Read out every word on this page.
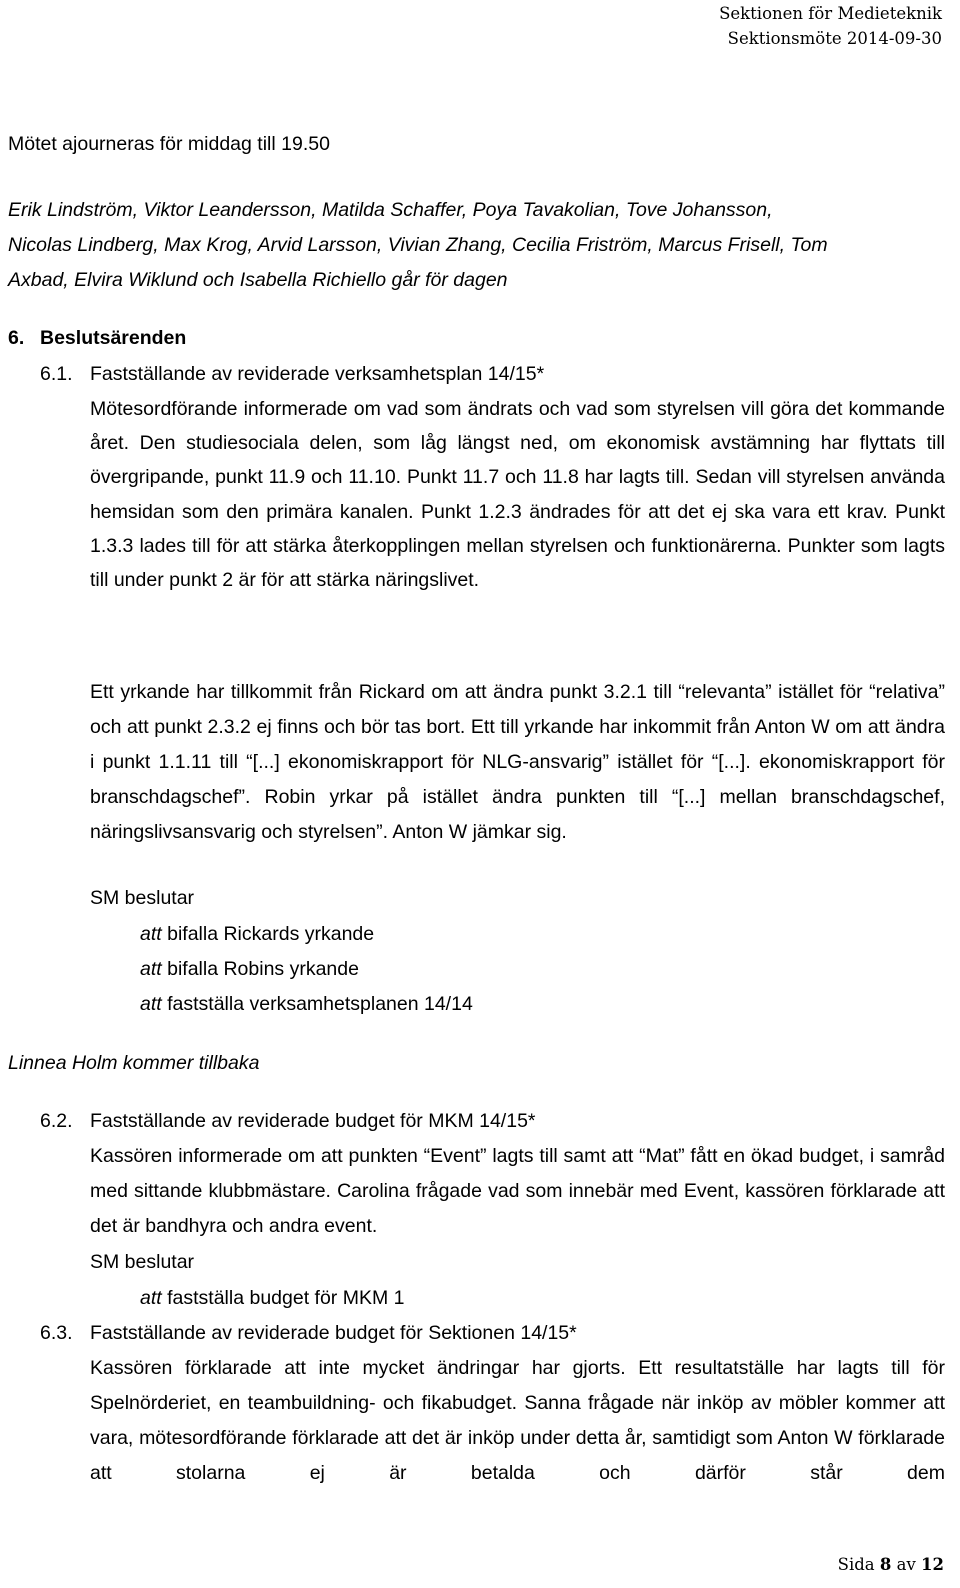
Sektionen för Medieteknik
Sektionsmöte 2014-09-30
Mötet ajourneras för middag till 19.50
Erik Lindström, Viktor Leandersson, Matilda Schaffer, Poya Tavakolian, Tove Johansson,
Nicolas Lindberg, Max Krog, Arvid Larsson, Vivian Zhang, Cecilia Friström, Marcus Frisell, Tom
Axbad, Elvira Wiklund och Isabella Richiello går för dagen
6. Beslutsärenden
6.1. Fastställande av reviderade verksamhetsplan 14/15*
Mötesordförande informerade om vad som ändrats och vad som styrelsen vill göra det kommande året. Den studiesociala delen, som låg längst ned, om ekonomisk avstämning har flyttats till övergripande, punkt 11.9 och 11.10. Punkt 11.7 och 11.8 har lagts till. Sedan vill styrelsen använda hemsidan som den primära kanalen. Punkt 1.2.3 ändrades för att det ej ska vara ett krav. Punkt 1.3.3 lades till för att stärka återkopplingen mellan styrelsen och funktionärerna. Punkter som lagts till under punkt 2 är för att stärka näringslivet.
Ett yrkande har tillkommit från Rickard om att ändra punkt 3.2.1 till “relevanta” istället för “relativa” och att punkt 2.3.2 ej finns och bör tas bort. Ett till yrkande har inkommit från Anton W om att ändra i punkt 1.1.11 till “[...] ekonomiskrapport för NLG-ansvarig” istället för “[...]. ekonomiskrapport för branschdagschef”. Robin yrkar på istället ändra punkten till “[...] mellan branschdagschef, näringslivsansvarig och styrelsen”. Anton W jämkar sig.
SM beslutar
att bifalla Rickards yrkande
att bifalla Robins yrkande
att fastställa verksamhetsplanen 14/14
Linnea Holm kommer tillbaka
6.2. Fastställande av reviderade budget för MKM 14/15*
Kassören informerade om att punkten “Event” lagts till samt att “Mat” fått en ökad budget, i samråd med sittande klubbmästare. Carolina frågade vad som innebär med Event, kassören förklarade att det är bandhyra och andra event.
SM beslutar
att fastställa budget för MKM 1
6.3. Fastställande av reviderade budget för Sektionen 14/15*
Kassören förklarade att inte mycket ändringar har gjorts. Ett resultatställe har lagts till för Spelnörderiet, en teambuildning- och fikabudget. Sanna frågade när inköp av möbler kommer att vara, mötesordförande förklarade att det är inköp under detta år, samtidigt som Anton W förklarade att stolarna ej är betalda och därför står dem
Sida 8 av 12
